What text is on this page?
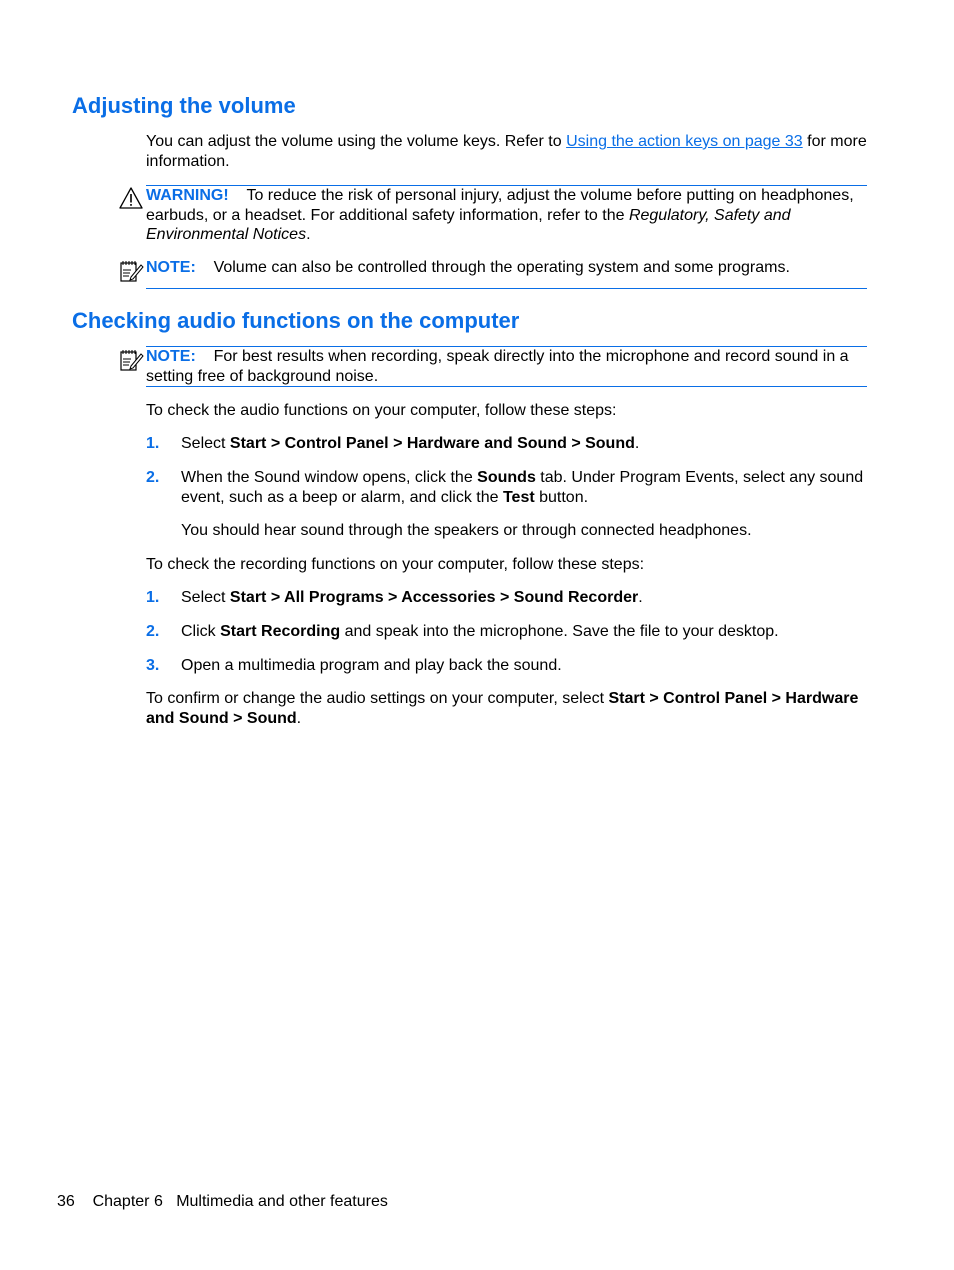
Adjusting the volume

You can adjust the volume using the volume keys. Refer to Using the action keys on page 33 for more information.

WARNING! To reduce the risk of personal injury, adjust the volume before putting on headphones, earbuds, or a headset. For additional safety information, refer to the Regulatory, Safety and Environmental Notices.

NOTE: Volume can also be controlled through the operating system and some programs.

Checking audio functions on the computer

NOTE: For best results when recording, speak directly into the microphone and record sound in a setting free of background noise.

To check the audio functions on your computer, follow these steps:

1. Select Start > Control Panel > Hardware and Sound > Sound.

2. When the Sound window opens, click the Sounds tab. Under Program Events, select any sound event, such as a beep or alarm, and click the Test button.

You should hear sound through the speakers or through connected headphones.

To check the recording functions on your computer, follow these steps:

1. Select Start > All Programs > Accessories > Sound Recorder.

2. Click Start Recording and speak into the microphone. Save the file to your desktop.

3. Open a multimedia program and play back the sound.

To confirm or change the audio settings on your computer, select Start > Control Panel > Hardware and Sound > Sound.

36 Chapter 6 Multimedia and other features
